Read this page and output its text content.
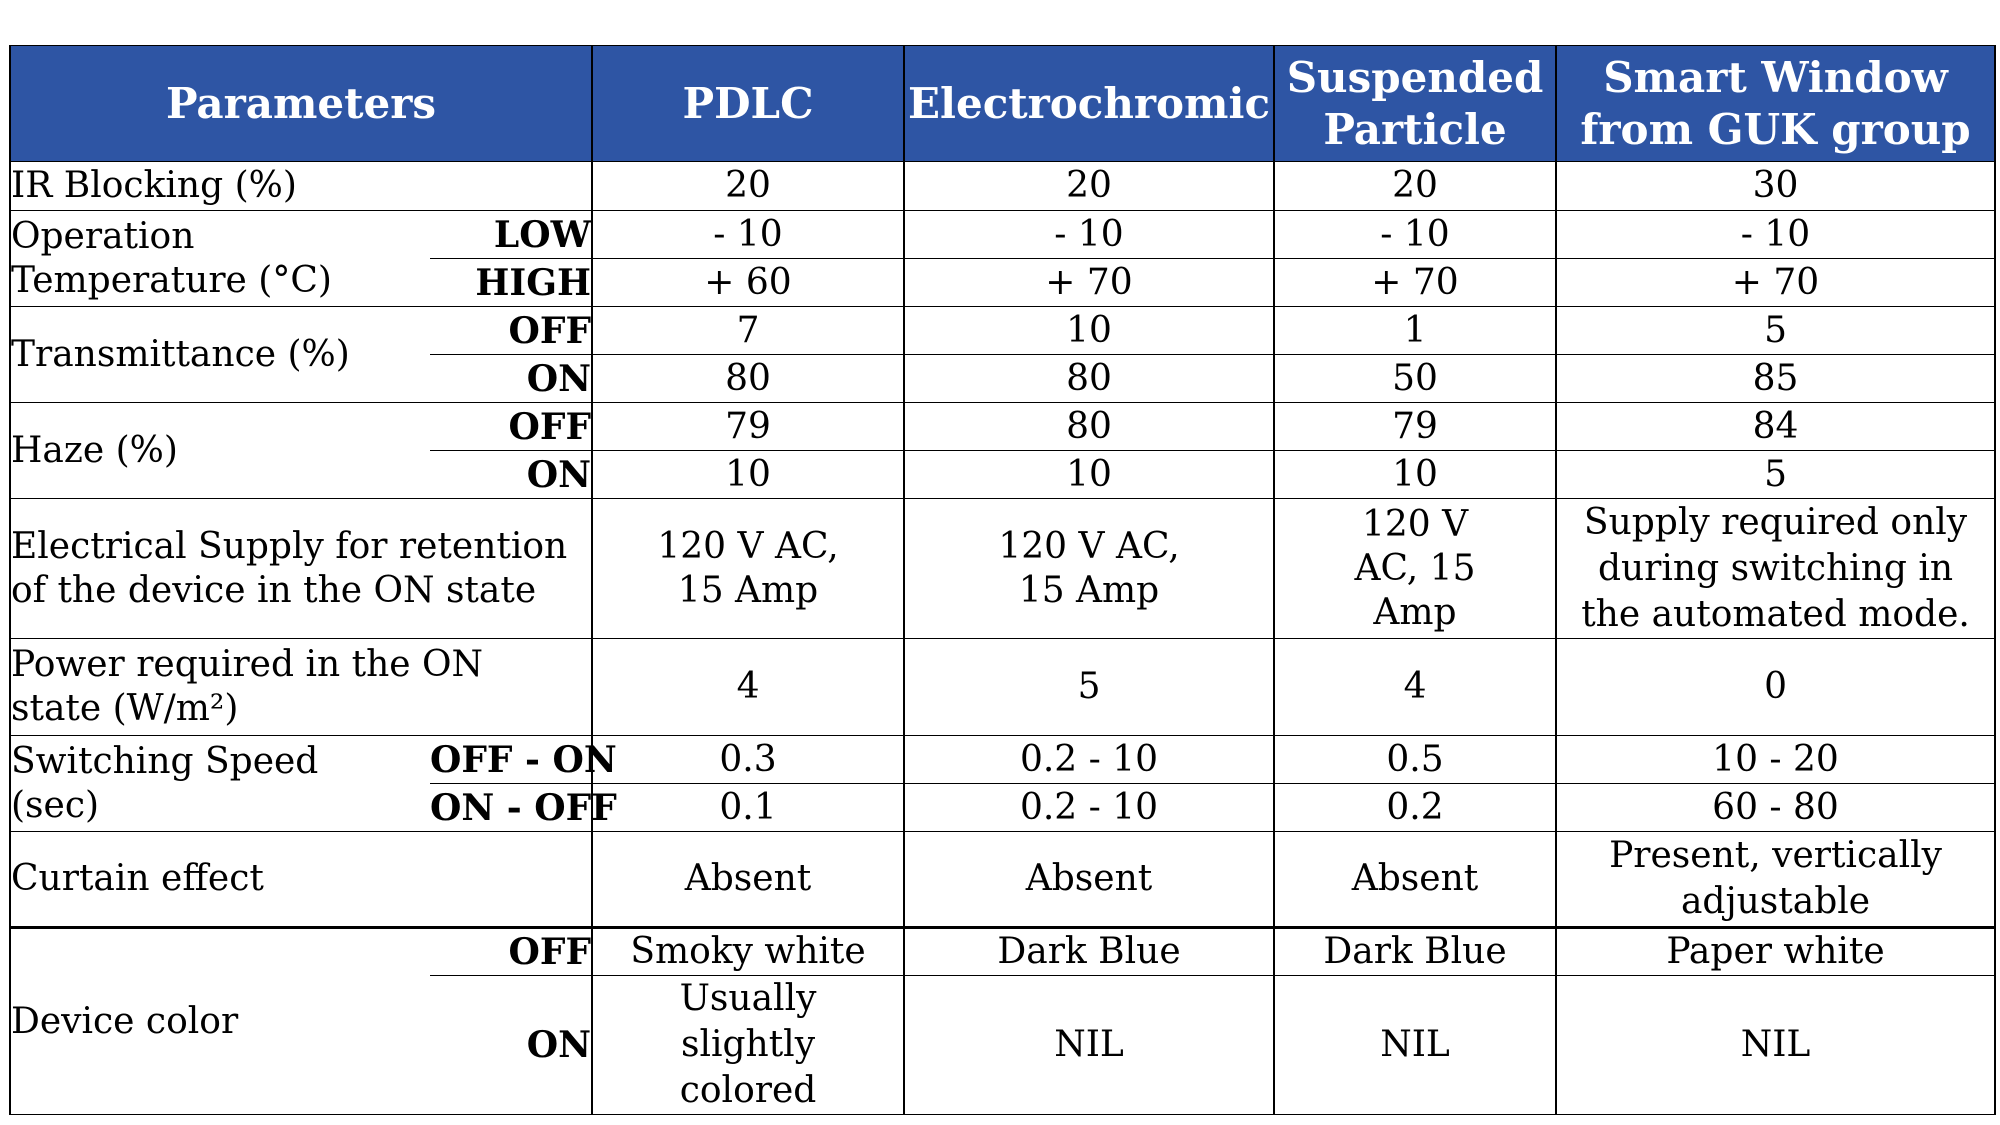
Parameters		PDLC	Electrochromic	Suspended Particle	Smart Window from GUK group
IR Blocking (%)		20	20	20	30

Operation
Temperature (°C)	LOW	- 10	- 10	- 10	- 10
	HIGH	+ 60	+ 70	+ 70	+ 70
Transmittance (%)	OFF	7	10	1	5
	ON	80	80	50	85
Haze (%)	OFF	79	80	79	84
	ON	10	10	10	5
Electrical Supply for retention of the device in the ON state		120 V AC, 15 Amp	120 V AC, 15 Amp	120 V AC, 15 Amp	Supply required only during switching in the automated mode.
Power required in the ON state (W/m²)		4	5	4	0

Switching Speed
(sec)	OFF - ON	0.3	0.2 - 10	0.5	10 - 20
	ON - OFF	0.1	0.2 - 10	0.2	60 - 80
Curtain effect		Absent	Absent	Absent	Present, vertically adjustable
Device color	OFF	Smoky white	Dark Blue	Dark Blue	Paper white
	ON	Usually slightly colored	NIL	NIL	NIL
